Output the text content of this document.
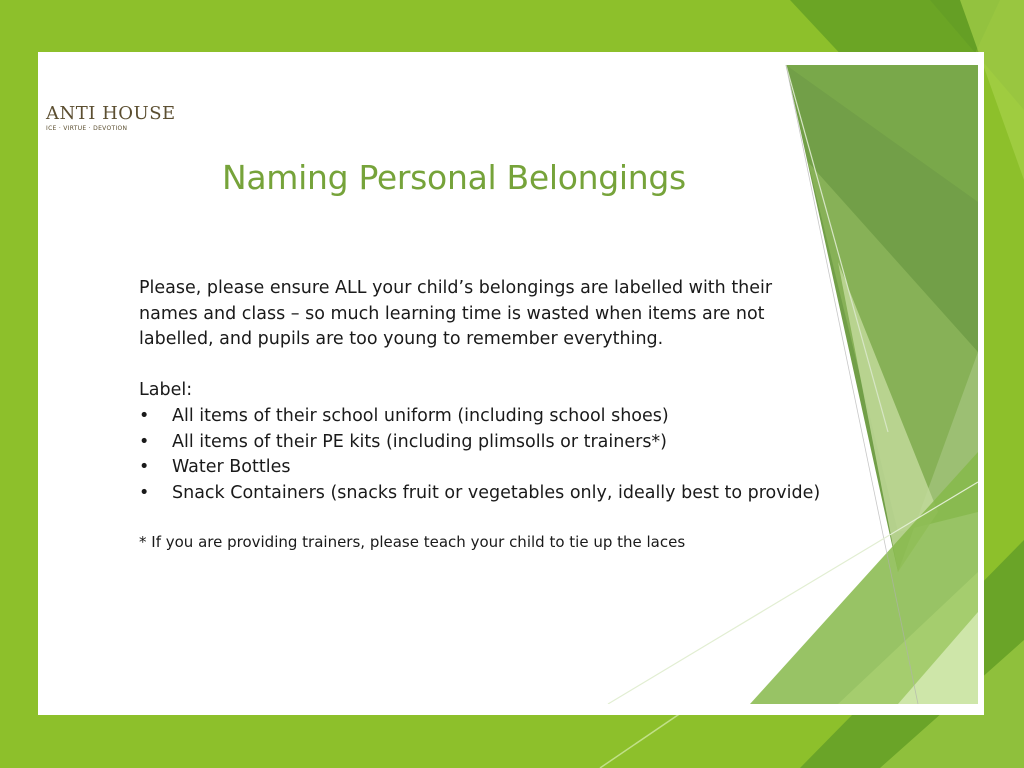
ANTI HOUSE
ICE · VIRTUE · DEVOTION
Naming Personal Belongings

Please, please ensure ALL your child’s belongings are labelled with their
names and class – so much learning time is wasted when items are not
labelled, and pupils are too young to remember everything.

Label:

•	All items of their school uniform (including school shoes)
•	All items of their PE kits (including plimsolls or trainers*)
•	Water Bottles
•	Snack Containers (snacks fruit or vegetables only, ideally best to provide)

* If you are providing trainers, please teach your child to tie up the laces
